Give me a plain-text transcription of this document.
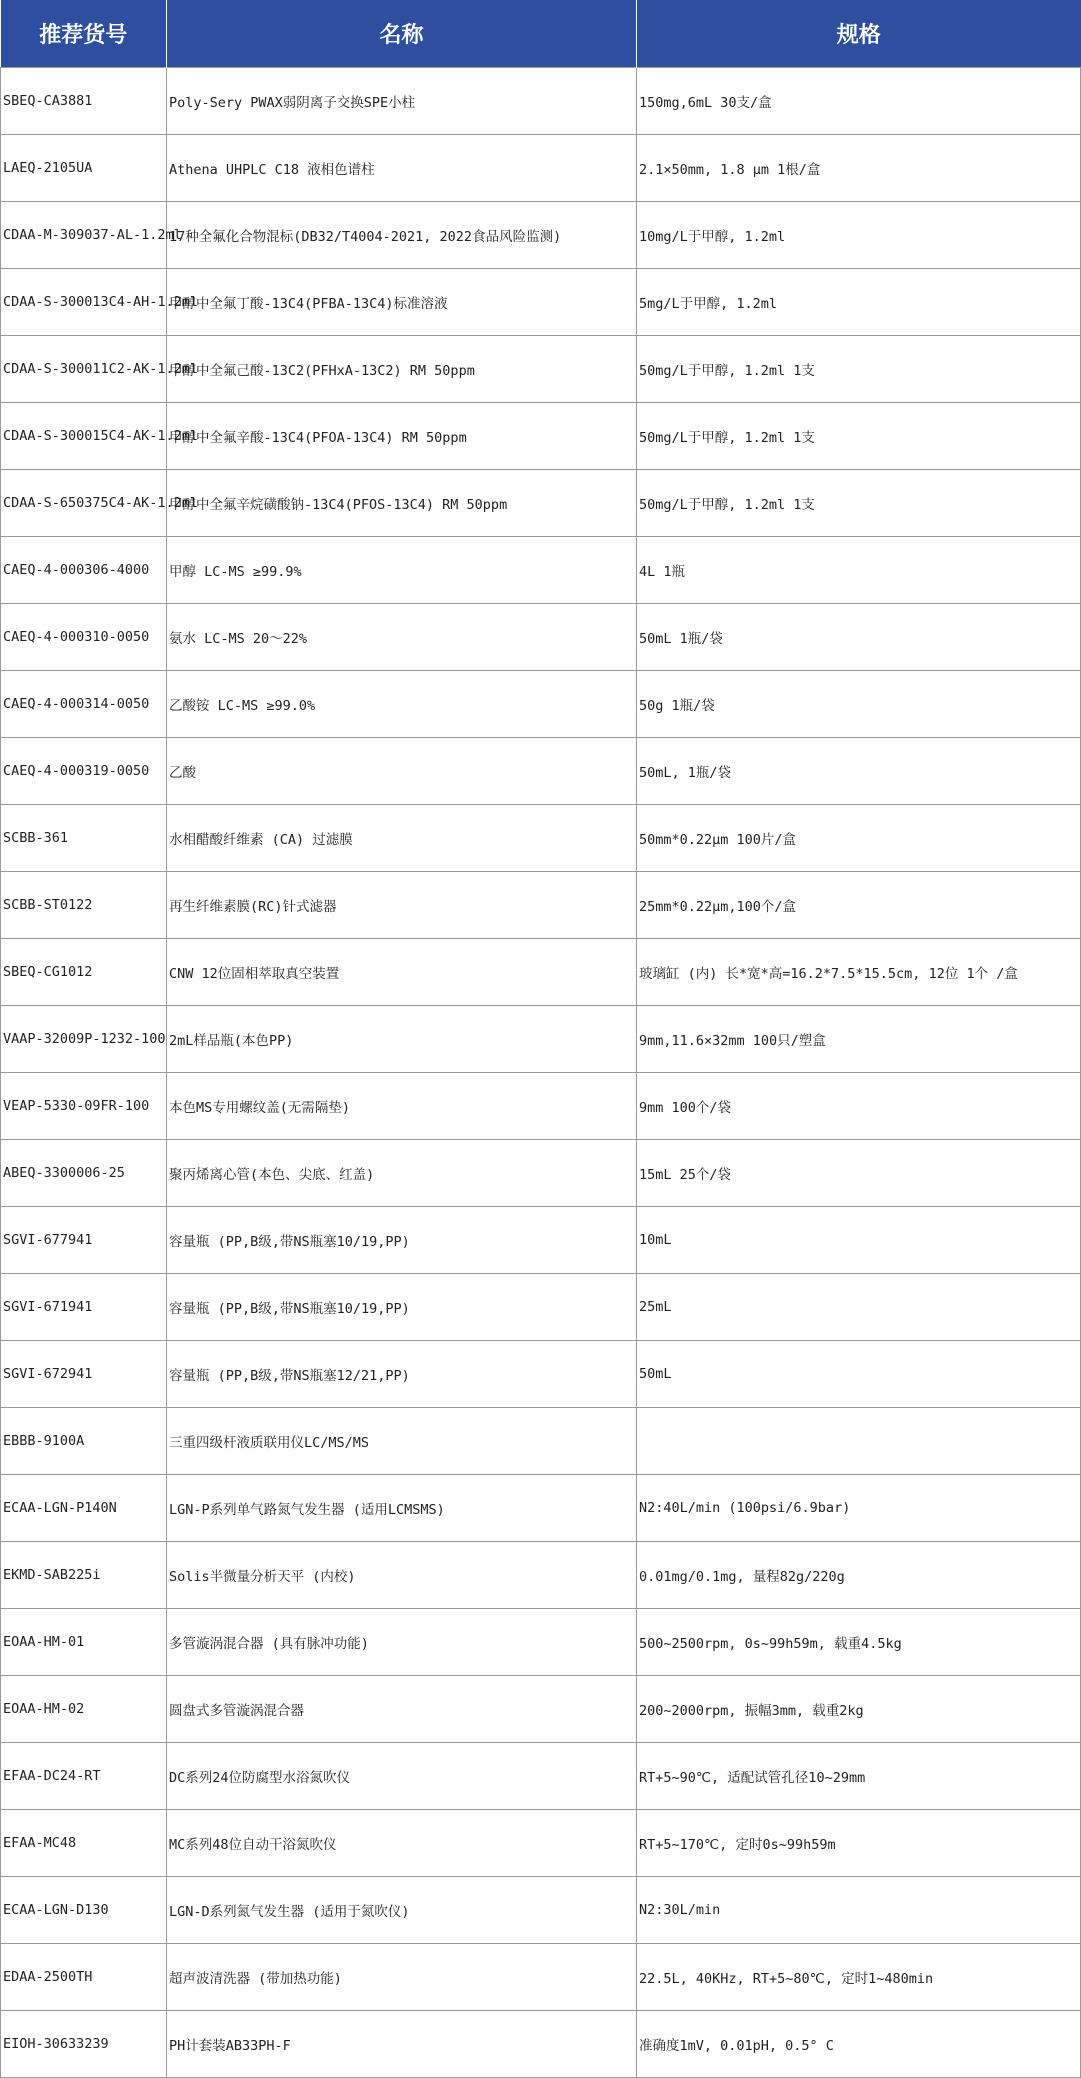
推荐货号	名称	规格
SBEQ-CA3881	Poly-Sery PWAX弱阴离子交换SPE小柱	150mg,6mL 30支/盒
LAEQ-2105UA	Athena UHPLC C18 液相色谱柱	2.1×50mm, 1.8 μm 1根/盒
CDAA-M-309037-AL-1.2ml	17种全氟化合物混标(DB32/T4004-2021, 2022食品风险监测)	10mg/L于甲醇, 1.2ml
CDAA-S-300013C4-AH-1.2ml	甲醇中全氟丁酸-13C4(PFBA-13C4)标准溶液	5mg/L于甲醇, 1.2ml
CDAA-S-300011C2-AK-1.2ml	甲醇中全氟己酸-13C2(PFHxA-13C2) RM 50ppm	50mg/L于甲醇, 1.2ml 1支
CDAA-S-300015C4-AK-1.2ml	甲醇中全氟辛酸-13C4(PFOA-13C4) RM 50ppm	50mg/L于甲醇, 1.2ml 1支
CDAA-S-650375C4-AK-1.2ml	甲醇中全氟辛烷磺酸钠-13C4(PFOS-13C4) RM 50ppm	50mg/L于甲醇, 1.2ml 1支
CAEQ-4-000306-4000	甲醇 LC-MS ≥99.9%	4L 1瓶
CAEQ-4-000310-0050	氨水 LC-MS 20～22%	50mL 1瓶/袋
CAEQ-4-000314-0050	乙酸铵 LC-MS ≥99.0%	50g 1瓶/袋
CAEQ-4-000319-0050	乙酸	50mL, 1瓶/袋
SCBB-361	水相醋酸纤维素 (CA) 过滤膜	50mm*0.22μm 100片/盒
SCBB-ST0122	再生纤维素膜(RC)针式滤器	25mm*0.22μm,100个/盒
SBEQ-CG1012	CNW 12位固相萃取真空装置	玻璃缸 (内) 长*宽*高=16.2*7.5*15.5cm, 12位 1个 /盒
VAAP-32009P-1232-100	2mL样品瓶(本色PP)	9mm,11.6×32mm 100只/塑盒
VEAP-5330-09FR-100	本色MS专用螺纹盖(无需隔垫)	9mm 100个/袋
ABEQ-3300006-25	聚丙烯离心管(本色、尖底、红盖)	15mL 25个/袋
SGVI-677941	容量瓶 (PP,B级,带NS瓶塞10/19,PP)	10mL
SGVI-671941	容量瓶 (PP,B级,带NS瓶塞10/19,PP)	25mL
SGVI-672941	容量瓶 (PP,B级,带NS瓶塞12/21,PP)	50mL
EBBB-9100A	三重四级杆液质联用仪LC/MS/MS	
ECAA-LGN-P140N	LGN-P系列单气路氮气发生器 (适用LCMSMS)	N2:40L/min (100psi/6.9bar)
EKMD-SAB225i	Solis半微量分析天平 (内校)	0.01mg/0.1mg, 量程82g/220g
EOAA-HM-01	多管漩涡混合器 (具有脉冲功能)	500~2500rpm, 0s~99h59m, 载重4.5kg
EOAA-HM-02	圆盘式多管漩涡混合器	200~2000rpm, 振幅3mm, 载重2kg
EFAA-DC24-RT	DC系列24位防腐型水浴氮吹仪	RT+5~90℃, 适配试管孔径10~29mm
EFAA-MC48	MC系列48位自动干浴氮吹仪	RT+5~170℃, 定时0s~99h59m
ECAA-LGN-D130	LGN-D系列氮气发生器 (适用于氮吹仪)	N2:30L/min
EDAA-2500TH	超声波清洗器 (带加热功能)	22.5L, 40KHz, RT+5~80℃, 定时1~480min
EIOH-30633239	PH计套装AB33PH-F	准确度1mV, 0.01pH, 0.5° C
